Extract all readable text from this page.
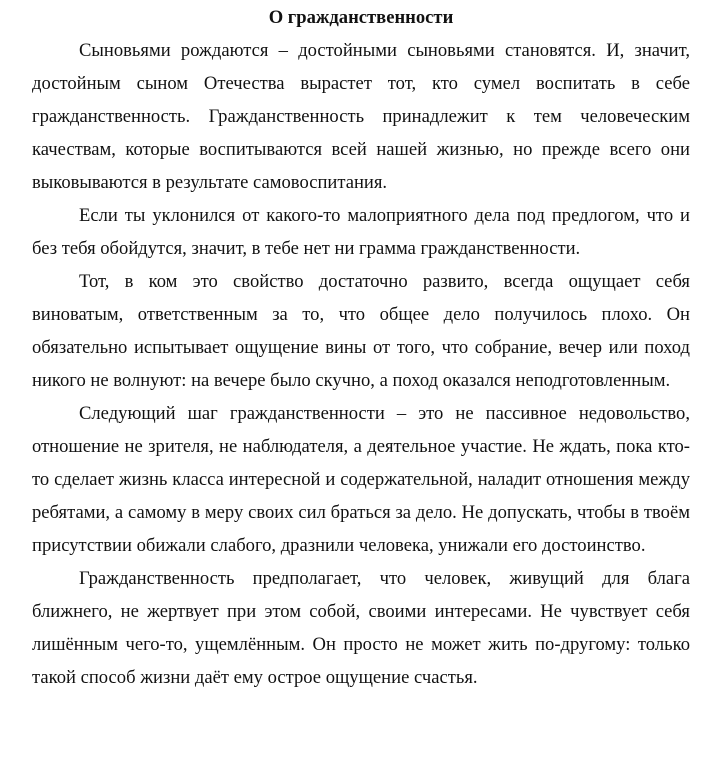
О гражданственности

Сыновьями рождаются – достойными сыновьями становятся. И, значит, достойным сыном Отечества вырастет тот, кто сумел воспитать в себе гражданственность. Гражданственность принадлежит к тем человеческим качествам, которые воспитываются всей нашей жизнью, но прежде всего они выковываются в результате самовоспитания.

Если ты уклонился от какого-то малоприятного дела под предлогом, что и без тебя обойдутся, значит, в тебе нет ни грамма гражданственности.

Тот, в ком это свойство достаточно развито, всегда ощущает себя виноватым, ответственным за то, что общее дело получилось плохо. Он обязательно испытывает ощущение вины от того, что собрание, вечер или поход никого не волнуют: на вечере было скучно, а поход оказался неподготовленным.

Следующий шаг гражданственности – это не пассивное недовольство, отношение не зрителя, не наблюдателя, а деятельное участие. Не ждать, пока кто-то сделает жизнь класса интересной и содержательной, наладит отношения между ребятами, а самому в меру своих сил браться за дело. Не допускать, чтобы в твоём присутствии обижали слабого, дразнили человека, унижали его достоинство.

Гражданственность предполагает, что человек, живущий для блага ближнего, не жертвует при этом собой, своими интересами. Не чувствует себя лишённым чего-то, ущемлённым. Он просто не может жить по-другому: только такой способ жизни даёт ему острое ощущение счастья.
